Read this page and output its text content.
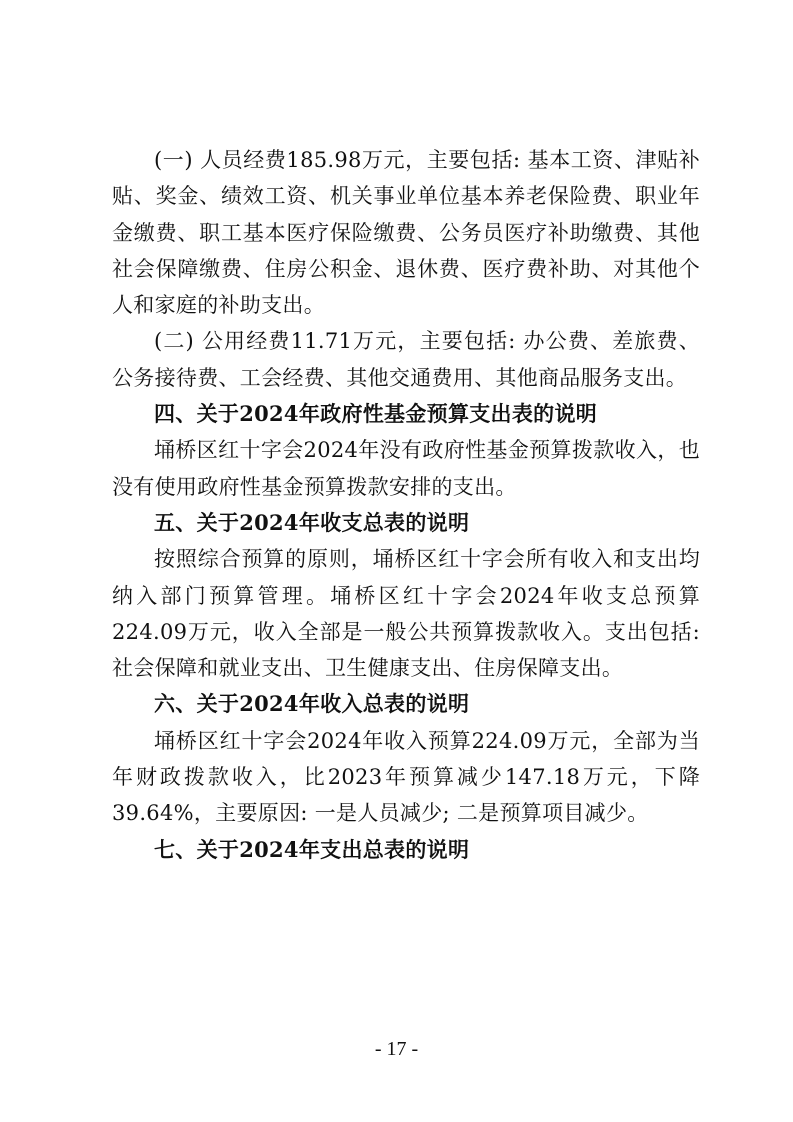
(一) 人员经费185.98万元，主要包括: 基本工资、津贴补贴、奖金、绩效工资、机关事业单位基本养老保险费、职业年金缴费、职工基本医疗保险缴费、公务员医疗补助缴费、其他社会保障缴费、住房公积金、退休费、医疗费补助、对其他个人和家庭的补助支出。

(二) 公用经费11.71万元，主要包括: 办公费、差旅费、公务接待费、工会经费、其他交通费用、其他商品服务支出。

四、关于2024年政府性基金预算支出表的说明

埇桥区红十字会2024年没有政府性基金预算拨款收入，也没有使用政府性基金预算拨款安排的支出。

五、关于2024年收支总表的说明

按照综合预算的原则，埇桥区红十字会所有收入和支出均纳入部门预算管理。埇桥区红十字会2024年收支总预算224.09万元，收入全部是一般公共预算拨款收入。支出包括: 社会保障和就业支出、卫生健康支出、住房保障支出。

六、关于2024年收入总表的说明

埇桥区红十字会2024年收入预算224.09万元，全部为当年财政拨款收入，比2023年预算减少147.18万元，下降39.64%，主要原因: 一是人员减少; 二是预算项目减少。

七、关于2024年支出总表的说明

- 17 -
